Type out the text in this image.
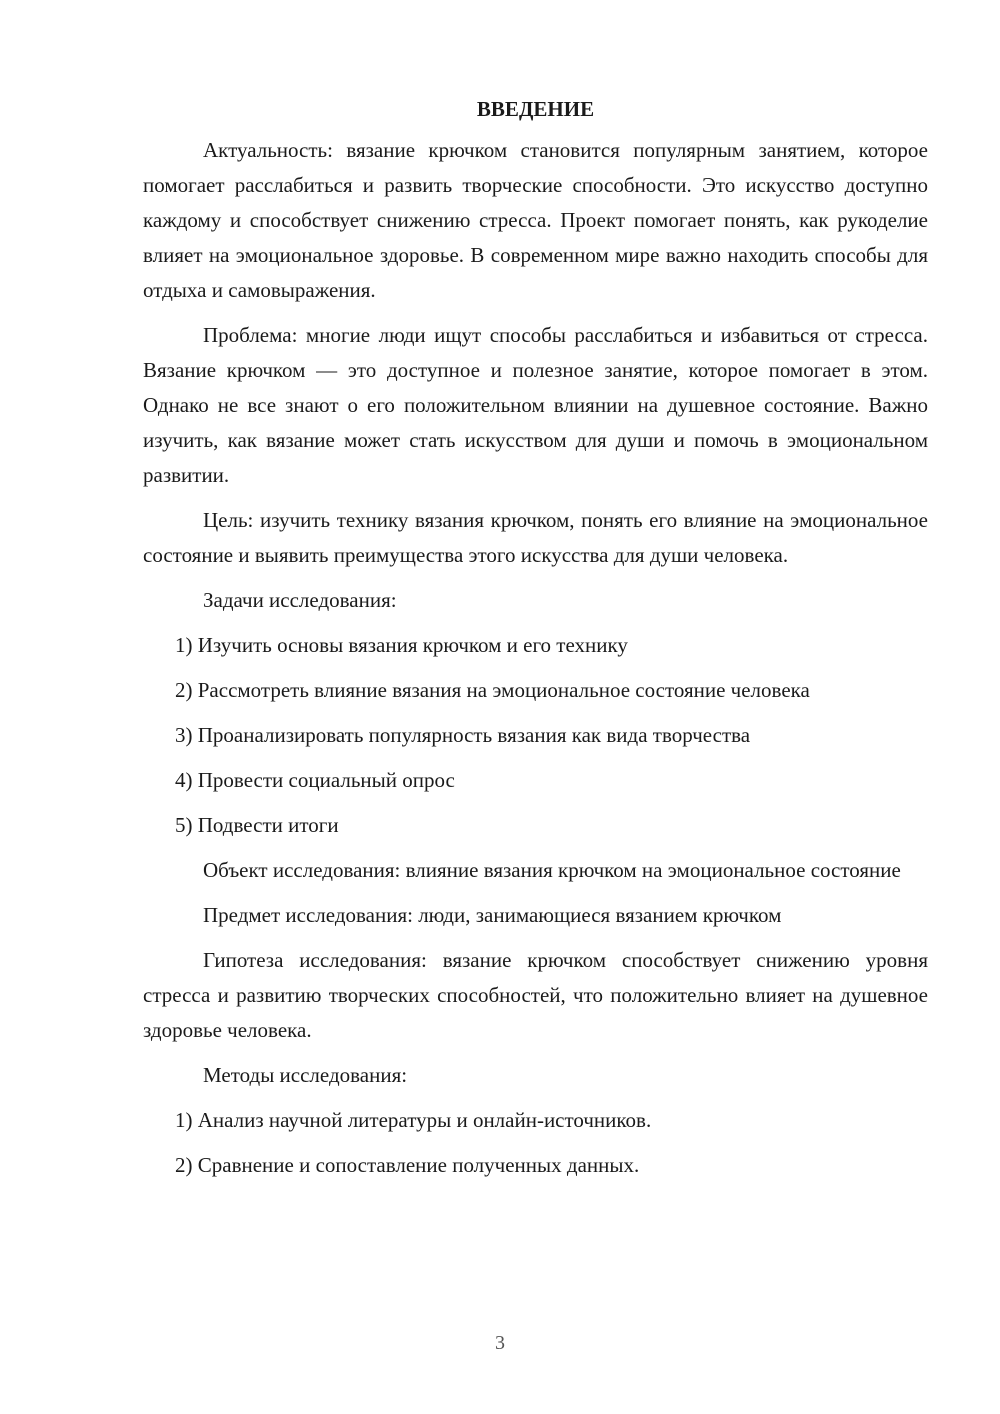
ВВЕДЕНИЕ

Актуальность: вязание крючком становится популярным занятием, которое помогает расслабиться и развить творческие способности. Это искусство доступно каждому и способствует снижению стресса. Проект помогает понять, как рукоделие влияет на эмоциональное здоровье. В современном мире важно находить способы для отдыха и самовыражения.

Проблема: многие люди ищут способы расслабиться и избавиться от стресса. Вязание крючком — это доступное и полезное занятие, которое помогает в этом. Однако не все знают о его положительном влиянии на душевное состояние. Важно изучить, как вязание может стать искусством для души и помочь в эмоциональном развитии.

Цель: изучить технику вязания крючком, понять его влияние на эмоциональное состояние и выявить преимущества этого искусства для души человека.

Задачи исследования:
1) Изучить основы вязания крючком и его технику
2) Рассмотреть влияние вязания на эмоциональное состояние человека
3) Проанализировать популярность вязания как вида творчества
4) Провести социальный опрос
5) Подвести итоги

Объект исследования: влияние вязания крючком на эмоциональное состояние

Предмет исследования: люди, занимающиеся вязанием крючком

Гипотеза исследования: вязание крючком способствует снижению уровня стресса и развитию творческих способностей, что положительно влияет на душевное здоровье человека.

Методы исследования:
1) Анализ научной литературы и онлайн-источников.
2) Сравнение и сопоставление полученных данных.
3
